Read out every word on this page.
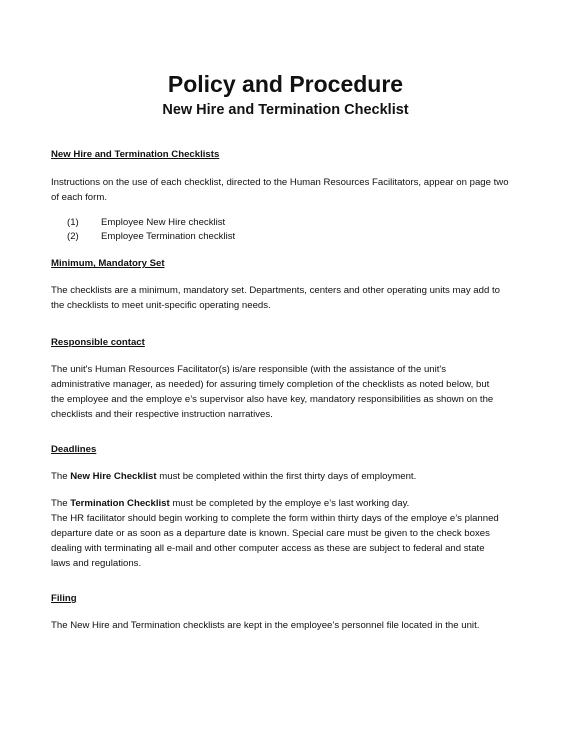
Policy and Procedure
New Hire and Termination Checklist
New Hire and Termination Checklists
Instructions on the use of each checklist, directed to the Human Resources Facilitators, appear on page two
of each form.
(1) Employee New Hire checklist
(2) Employee Termination checklist
Minimum, Mandatory Set
The checklists are a minimum, mandatory set. Departments, centers and other operating units may add to
the checklists to meet unit-specific operating needs.
Responsible contact
The unit's Human Resources Facilitator(s) is/are responsible (with the assistance of the unit's
administrative manager, as needed) for assuring timely completion of the checklists as noted below, but
the employee and the employe e’s supervisor also have key, mandatory responsibilities as shown on the
checklists and their respective instruction narratives.
Deadlines
The New Hire Checklist must be completed within the first thirty days of employment.
The Termination Checklist must be completed by the employe e’s last working day.
The HR facilitator should begin working to complete the form within thirty days of the employe e’s planned
departure date or as soon as a departure date is known. Special care must be given to the check boxes
dealing with terminating all e-mail and other computer access as these are subject to federal and state
laws and regulations.
Filing
The New Hire and Termination checklists are kept in the employee’s personnel file located in the unit.
